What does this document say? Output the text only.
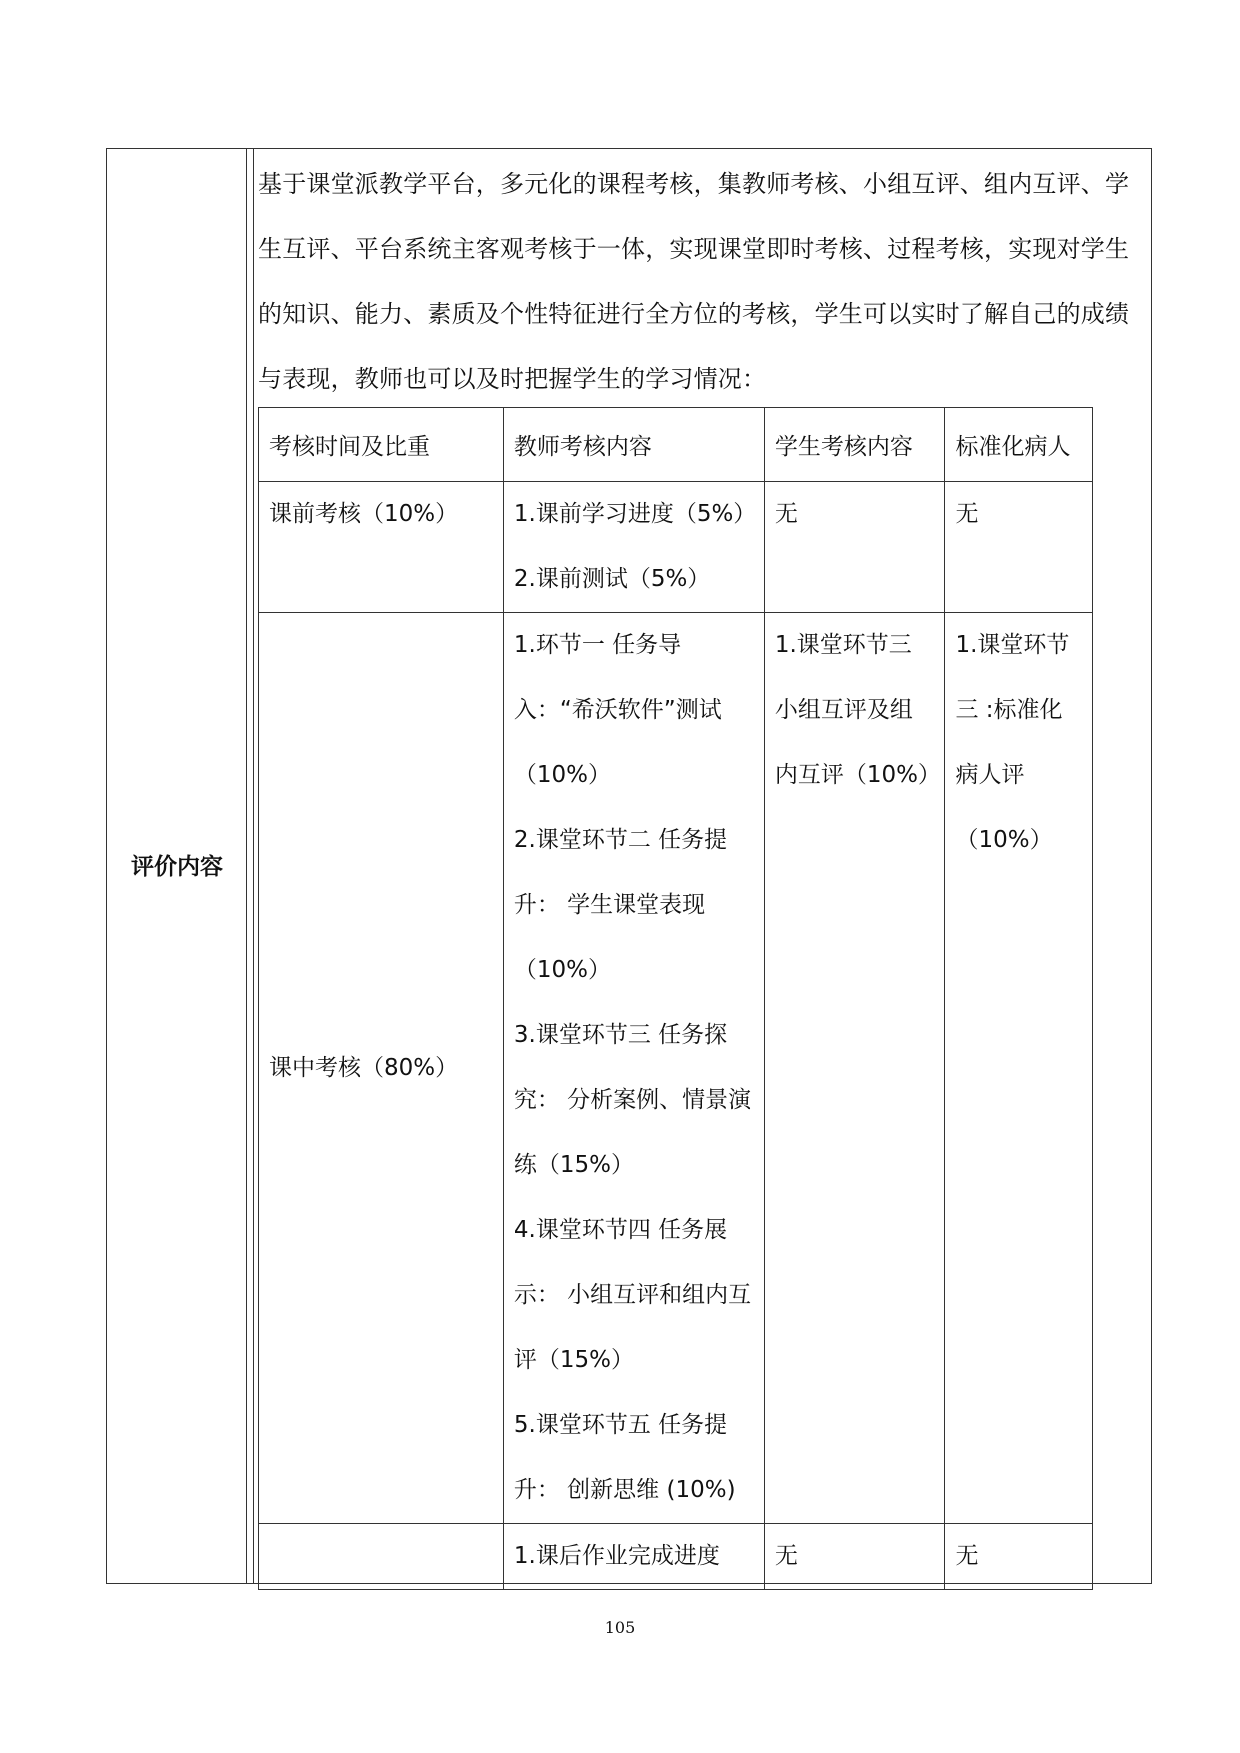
评价内容

基于课堂派教学平台，多元化的课程考核，集教师考核、小组互评、组内互评、学生互评、平台系统主客观考核于一体，实现课堂即时考核、过程考核，实现对学生的知识、能力、素质及个性特征进行全方位的考核，学生可以实时了解自己的成绩与表现，教师也可以及时把握学生的学习情况：

考核时间及比重	教师考核内容	学生考核内容	标准化病人
课前考核（10%）	1.课前学习进度（5%）
2.课前测试（5%）	无	无
课中考核（80%）	1.环节一 任务导入：“希沃软件”测试（10%）
2.课堂环节二 任务提升： 学生课堂表现（10%）
3.课堂环节三 任务探究： 分析案例、情景演练（15%）
4.课堂环节四 任务展示： 小组互评和组内互评（15%）
5.课堂环节五 任务提升： 创新思维 (10%)	1.课堂环节三小组互评及组内互评（10%）	1.课堂环节三 :标准化病人评 （10%）

	1.课后作业完成进度	无	无
105
